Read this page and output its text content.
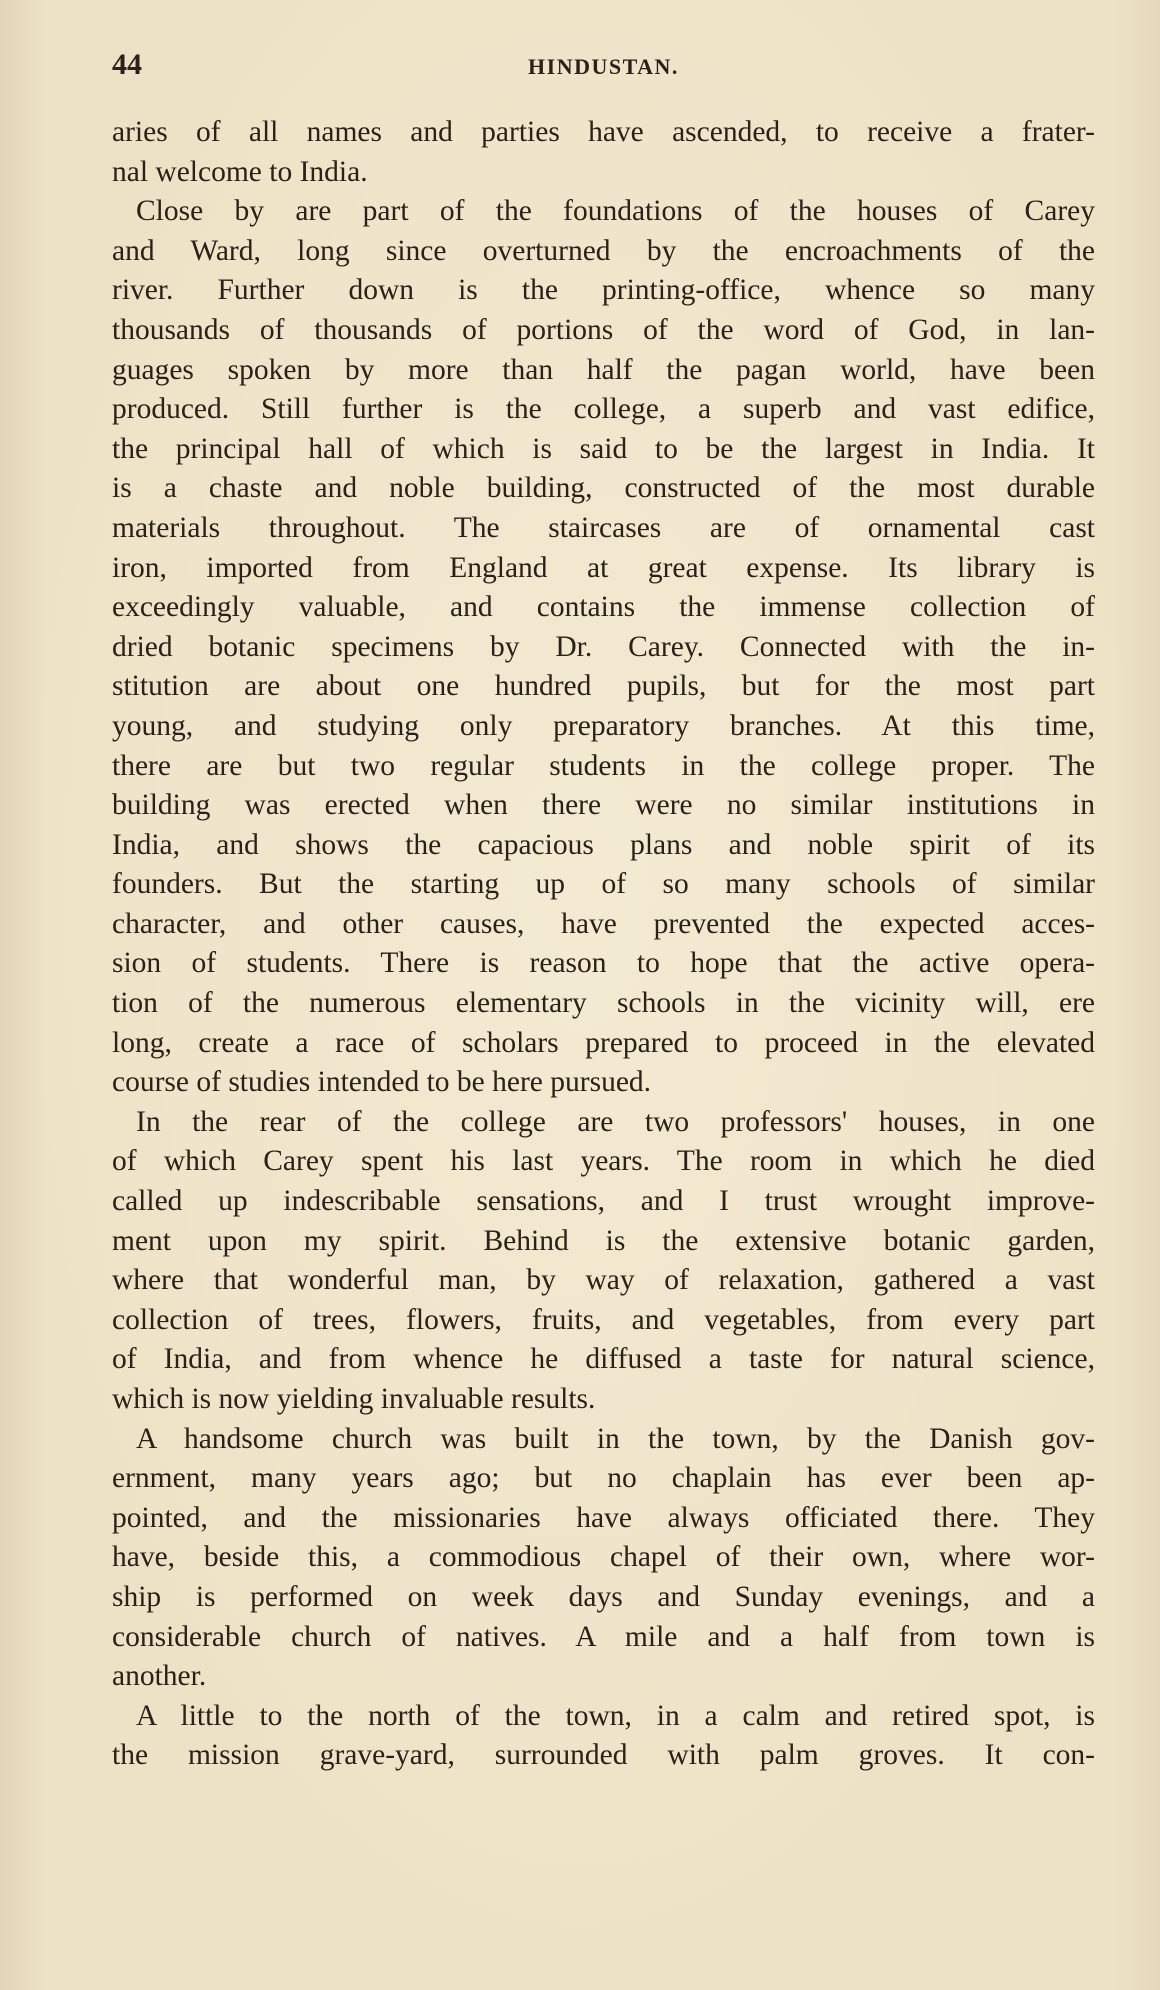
44	HINDUSTAN.

aries of all names and parties have ascended, to receive a frater-

nal welcome to India.

Close by are part of the foundations of the houses of Carey

and Ward, long since overturned by the encroachments of the

river. Further down is the printing-office, whence so many

thousands of thousands of portions of the word of God, in lan-

guages spoken by more than half the pagan world, have been

produced. Still further is the college, a superb and vast edifice,

the principal hall of which is said to be the largest in India. It

is a chaste and noble building, constructed of the most durable

materials throughout. The staircases are of ornamental cast

iron, imported from England at great expense. Its library is

exceedingly valuable, and contains the immense collection of

dried botanic specimens by Dr. Carey. Connected with the in-

stitution are about one hundred pupils, but for the most part

young, and studying only preparatory branches. At this time,

there are but two regular students in the college proper. The

building was erected when there were no similar institutions in

India, and shows the capacious plans and noble spirit of its

founders. But the starting up of so many schools of similar

character, and other causes, have prevented the expected acces-

sion of students. There is reason to hope that the active opera-

tion of the numerous elementary schools in the vicinity will, ere

long, create a race of scholars prepared to proceed in the elevated

course of studies intended to be here pursued.

In the rear of the college are two professors' houses, in one

of which Carey spent his last years. The room in which he died

called up indescribable sensations, and I trust wrought improve-

ment upon my spirit. Behind is the extensive botanic garden,

where that wonderful man, by way of relaxation, gathered a vast

collection of trees, flowers, fruits, and vegetables, from every part

of India, and from whence he diffused a taste for natural science,

which is now yielding invaluable results.

A handsome church was built in the town, by the Danish gov-

ernment, many years ago; but no chaplain has ever been ap-

pointed, and the missionaries have always officiated there. They

have, beside this, a commodious chapel of their own, where wor-

ship is performed on week days and Sunday evenings, and a

considerable church of natives. A mile and a half from town is

another.

A little to the north of the town, in a calm and retired spot, is

the mission grave-yard, surrounded with palm groves. It con-
